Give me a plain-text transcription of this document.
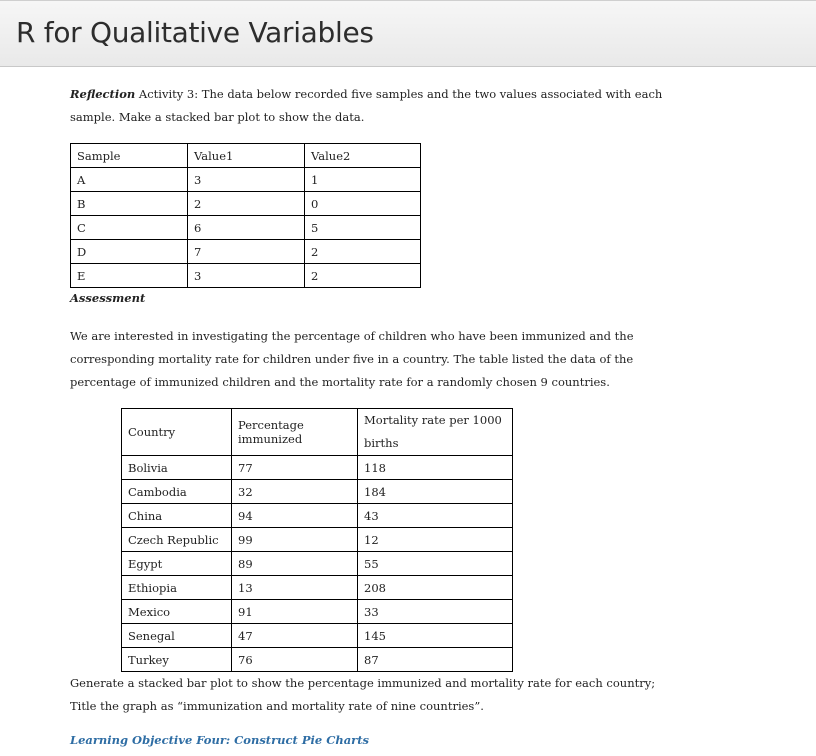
R for Qualitative Variables
Reflection Activity 3: The data below recorded five samples and the two values associated with each sample. Make a stacked bar plot to show the data.
Sample	Value1	Value2
A	3	1
B	2	0
C	6	5
D	7	2
E	3	2
Assessment
We are interested in investigating the percentage of children who have been immunized and the corresponding mortality rate for children under five in a country. The table listed the data of the percentage of immunized children and the mortality rate for a randomly chosen 9 countries.
Country	Percentage immunized	Mortality rate per 1000 births
Bolivia	77	118
Cambodia	32	184
China	94	43
Czech Republic	99	12
Egypt	89	55
Ethiopia	13	208
Mexico	91	33
Senegal	47	145
Turkey	76	87
Generate a stacked bar plot to show the percentage immunized and mortality rate for each country; Title the graph as “immunization and mortality rate of nine countries”.
Learning Objective Four: Construct Pie Charts
